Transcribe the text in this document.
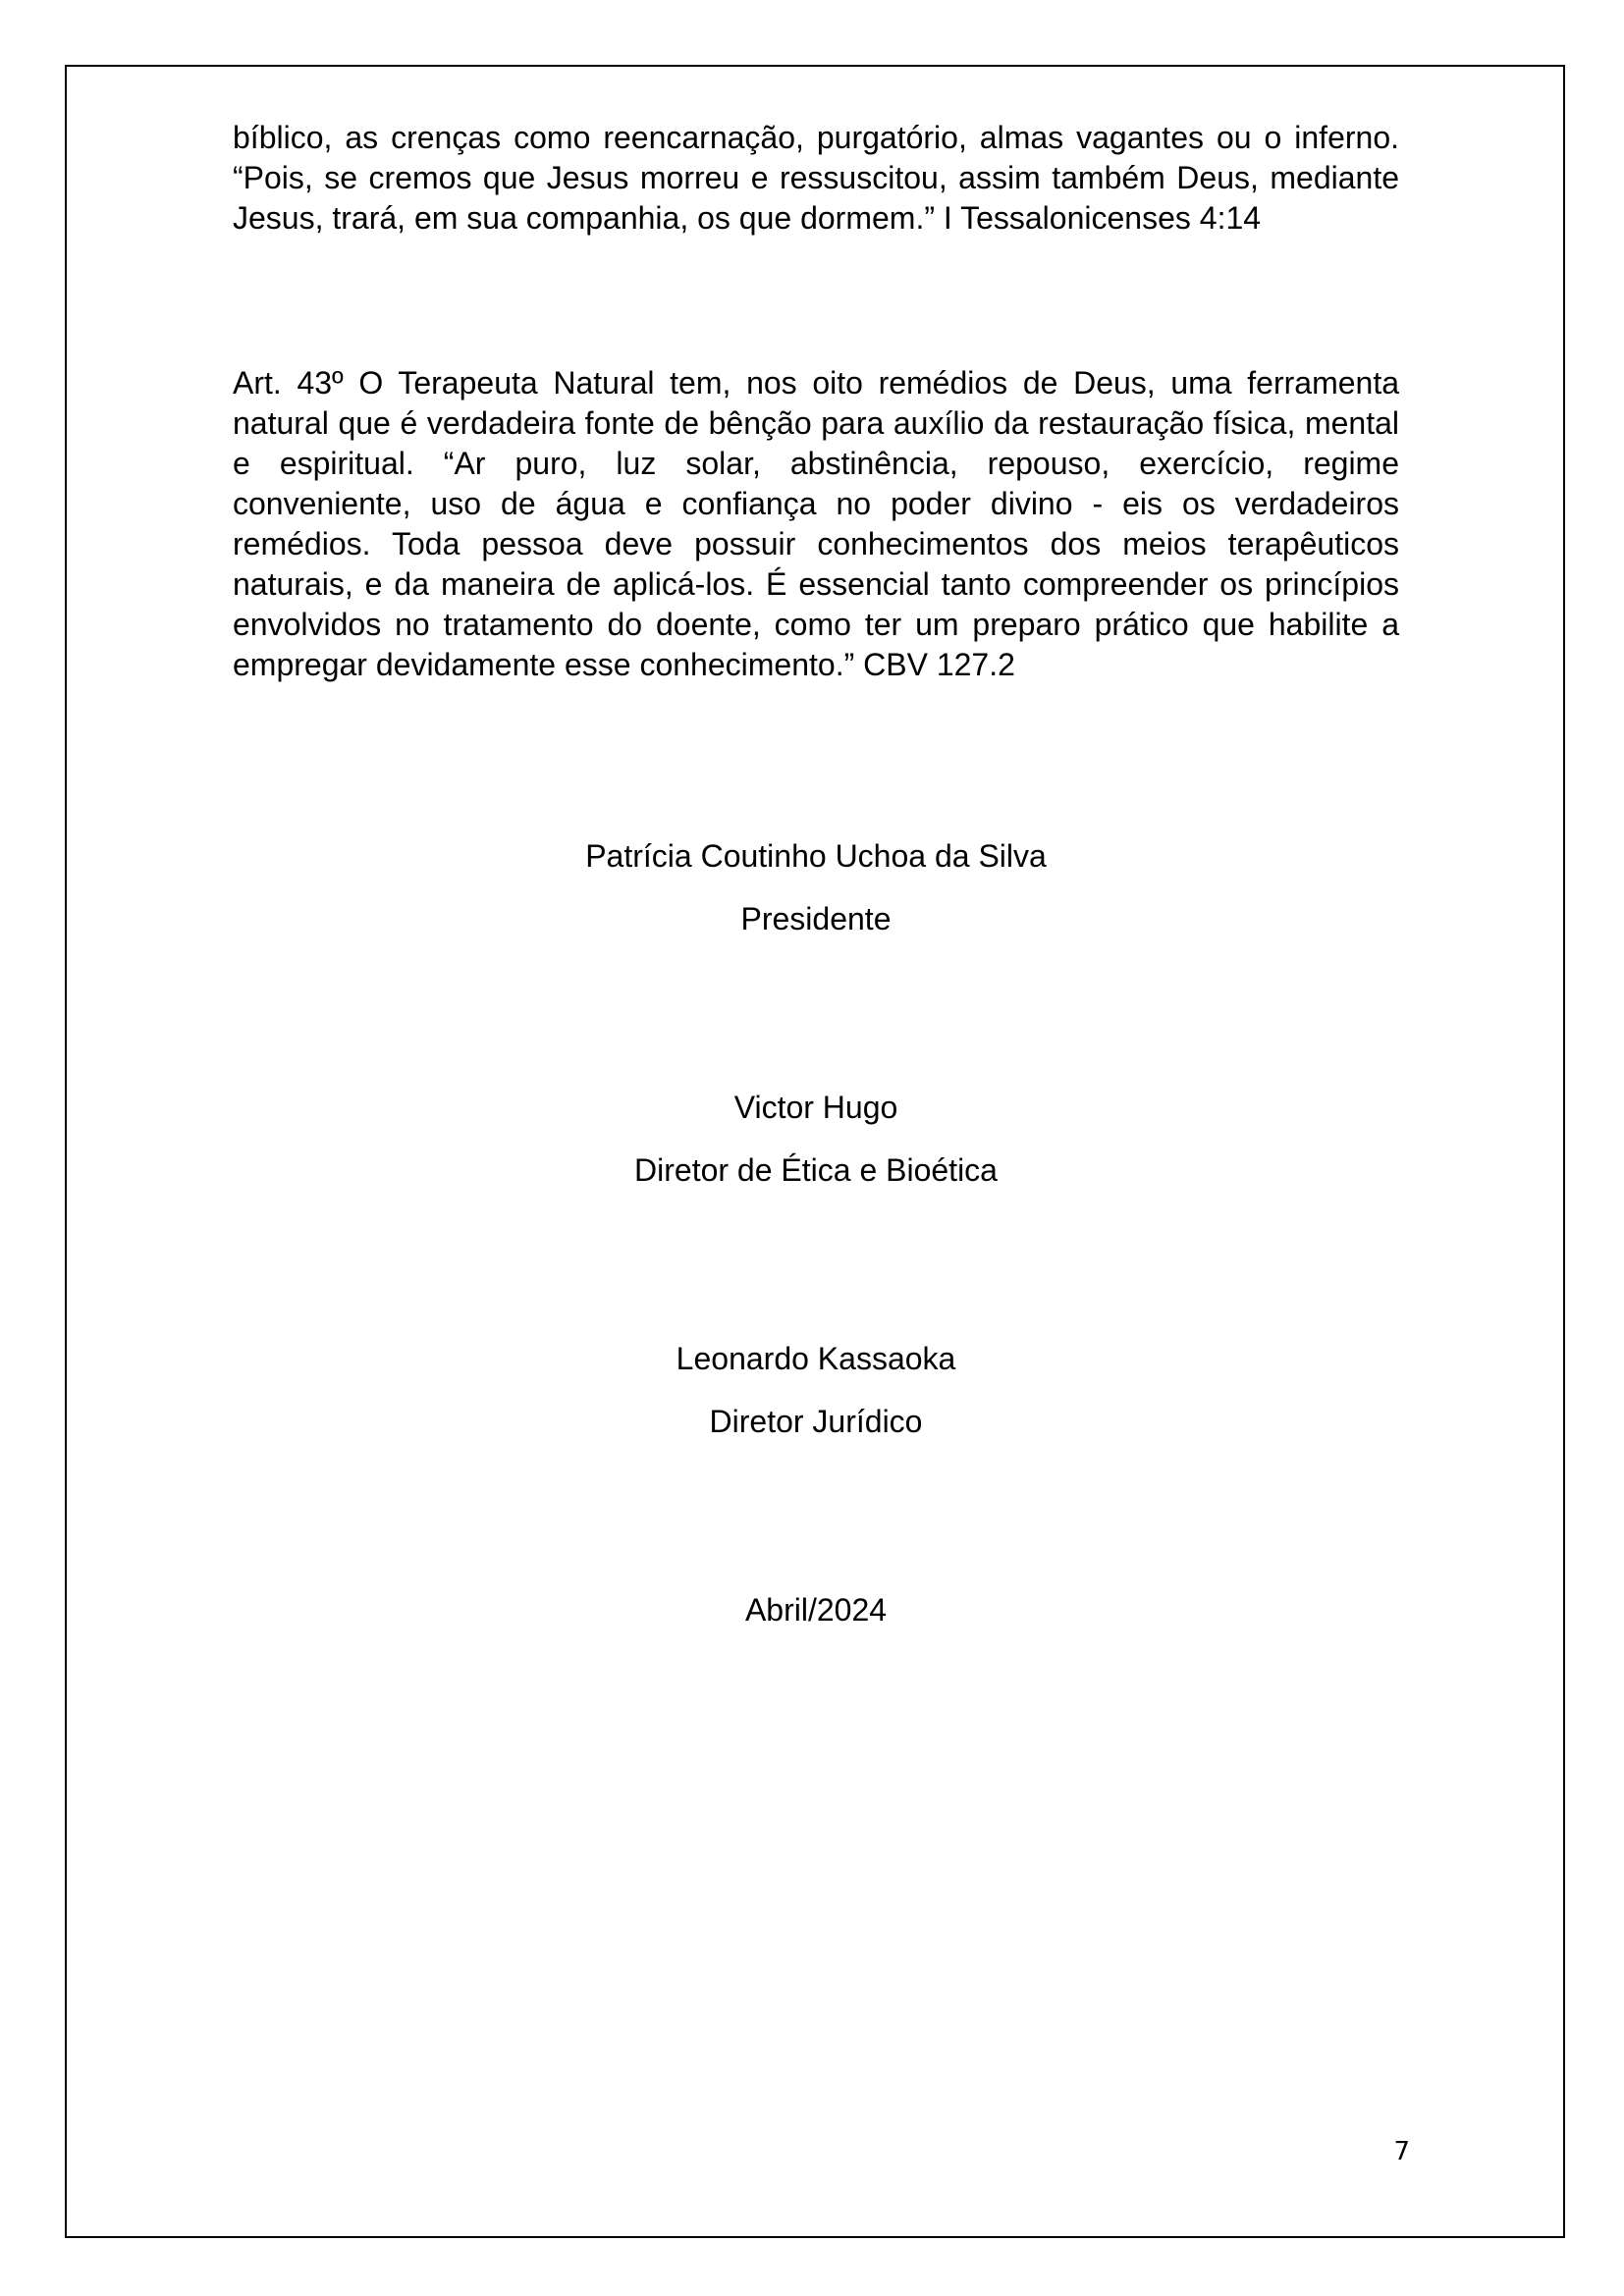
bíblico, as crenças como reencarnação, purgatório, almas vagantes ou o inferno. “Pois, se cremos que Jesus morreu e ressuscitou, assim também Deus, mediante Jesus, trará, em sua companhia, os que dormem.” I Tessalonicenses 4:14

Art. 43º O Terapeuta Natural tem, nos oito remédios de Deus, uma ferramenta natural que é verdadeira fonte de bênção para auxílio da restauração física, mental e espiritual. “Ar puro, luz solar, abstinência, repouso, exercício, regime conveniente, uso de água e confiança no poder divino - eis os verdadeiros remédios. Toda pessoa deve possuir conhecimentos dos meios terapêuticos naturais, e da maneira de aplicá-los. É essencial tanto compreender os princípios envolvidos no tratamento do doente, como ter um preparo prático que habilite a empregar devidamente esse conhecimento.” CBV 127.2

Patrícia Coutinho Uchoa da Silva

Presidente

Victor Hugo

Diretor de Ética e Bioética

Leonardo Kassaoka

Diretor Jurídico

Abril/2024

7
